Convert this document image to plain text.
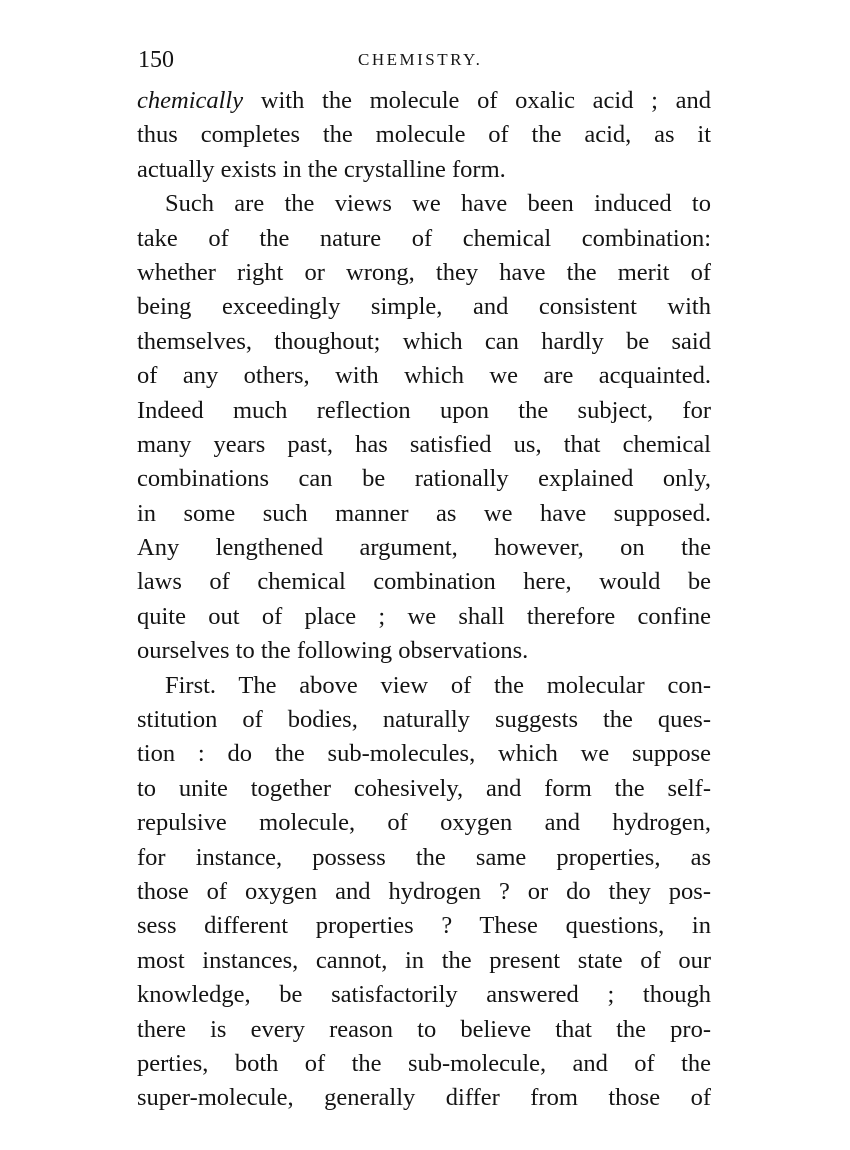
150	CHEMISTRY.
chemically with the molecule of oxalic acid ; and
thus completes the molecule of the acid, as it
actually exists in the crystalline form.
Such are the views we have been induced to
take of the nature of chemical combination:
whether right or wrong, they have the merit of
being exceedingly simple, and consistent with
themselves, thoughout; which can hardly be said
of any others, with which we are acquainted.
Indeed much reflection upon the subject, for
many years past, has satisfied us, that chemical
combinations can be rationally explained only,
in some such manner as we have supposed.
Any lengthened argument, however, on the
laws of chemical combination here, would be
quite out of place ; we shall therefore confine
ourselves to the following observations.
First. The above view of the molecular con-
stitution of bodies, naturally suggests the ques-
tion : do the sub-molecules, which we suppose
to unite together cohesively, and form the self-
repulsive molecule, of oxygen and hydrogen,
for instance, possess the same properties, as
those of oxygen and hydrogen ? or do they pos-
sess different properties ? These questions, in
most instances, cannot, in the present state of our
knowledge, be satisfactorily answered ; though
there is every reason to believe that the pro-
perties, both of the sub-molecule, and of the
super-molecule, generally differ from those of
